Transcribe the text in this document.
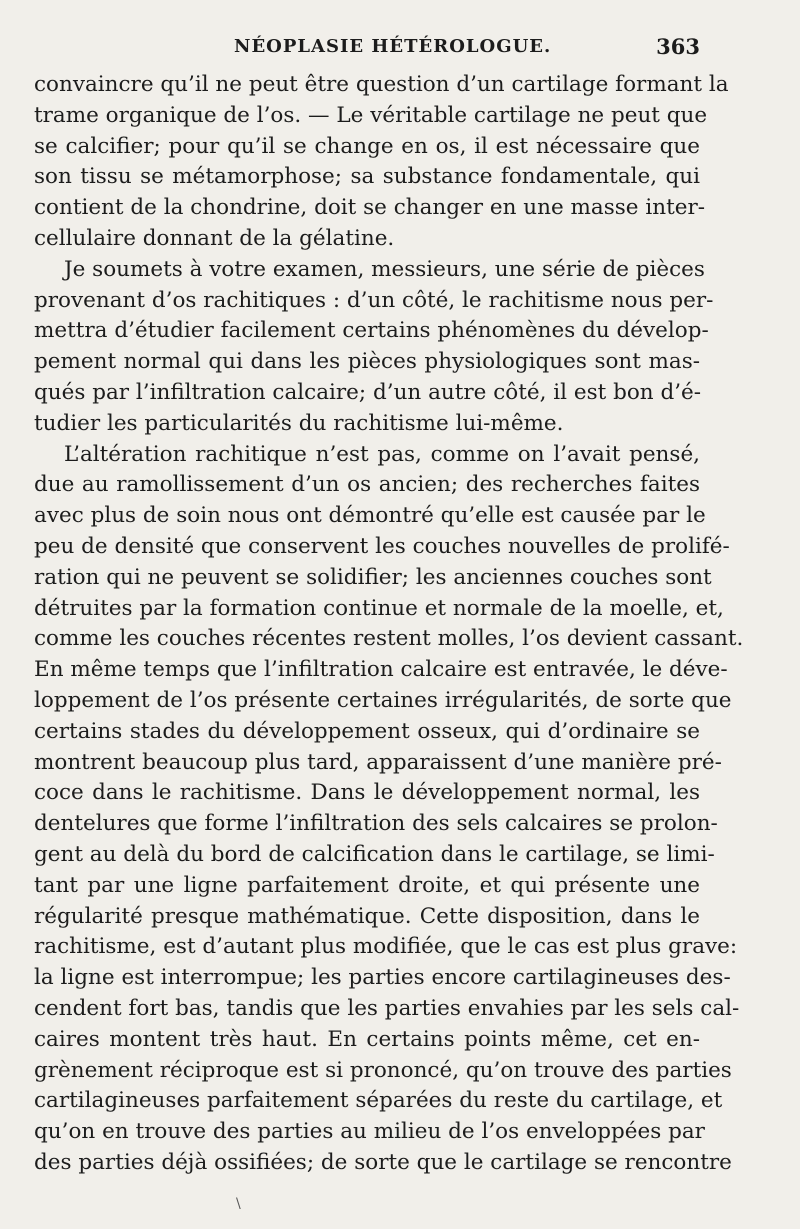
NÉOPLASIE HÉTÉROLOGUE.	363
convaincre qu’il ne peut être question d’un cartilage formant la
trame organique de l’os. — Le véritable cartilage ne peut que
se calcifier; pour qu’il se change en os, il est nécessaire que
son tissu se métamorphose; sa substance fondamentale, qui
contient de la chondrine, doit se changer en une masse inter-
cellulaire donnant de la gélatine.
Je soumets à votre examen, messieurs, une série de pièces
provenant d’os rachitiques : d’un côté, le rachitisme nous per-
mettra d’étudier facilement certains phénomènes du dévelop-
pement normal qui dans les pièces physiologiques sont mas-
qués par l’infiltration calcaire; d’un autre côté, il est bon d’é-
tudier les particularités du rachitisme lui-même.
L’altération rachitique n’est pas, comme on l’avait pensé,
due au ramollissement d’un os ancien; des recherches faites
avec plus de soin nous ont démontré qu’elle est causée par le
peu de densité que conservent les couches nouvelles de prolifé-
ration qui ne peuvent se solidifier; les anciennes couches sont
détruites par la formation continue et normale de la moelle, et,
comme les couches récentes restent molles, l’os devient cassant.
En même temps que l’infiltration calcaire est entravée, le déve-
loppement de l’os présente certaines irrégularités, de sorte que
certains stades du développement osseux, qui d’ordinaire se
montrent beaucoup plus tard, apparaissent d’une manière pré-
coce dans le rachitisme. Dans le développement normal, les
dentelures que forme l’infiltration des sels calcaires se prolon-
gent au delà du bord de calcification dans le cartilage, se limi-
tant par une ligne parfaitement droite, et qui présente une
régularité presque mathématique. Cette disposition, dans le
rachitisme, est d’autant plus modifiée, que le cas est plus grave:
la ligne est interrompue; les parties encore cartilagineuses des-
cendent fort bas, tandis que les parties envahies par les sels cal-
caires montent très haut. En certains points même, cet en-
grènement réciproque est si prononcé, qu’on trouve des parties
cartilagineuses parfaitement séparées du reste du cartilage, et
qu’on en trouve des parties au milieu de l’os enveloppées par
des parties déjà ossifiées; de sorte que le cartilage se rencontre
\
